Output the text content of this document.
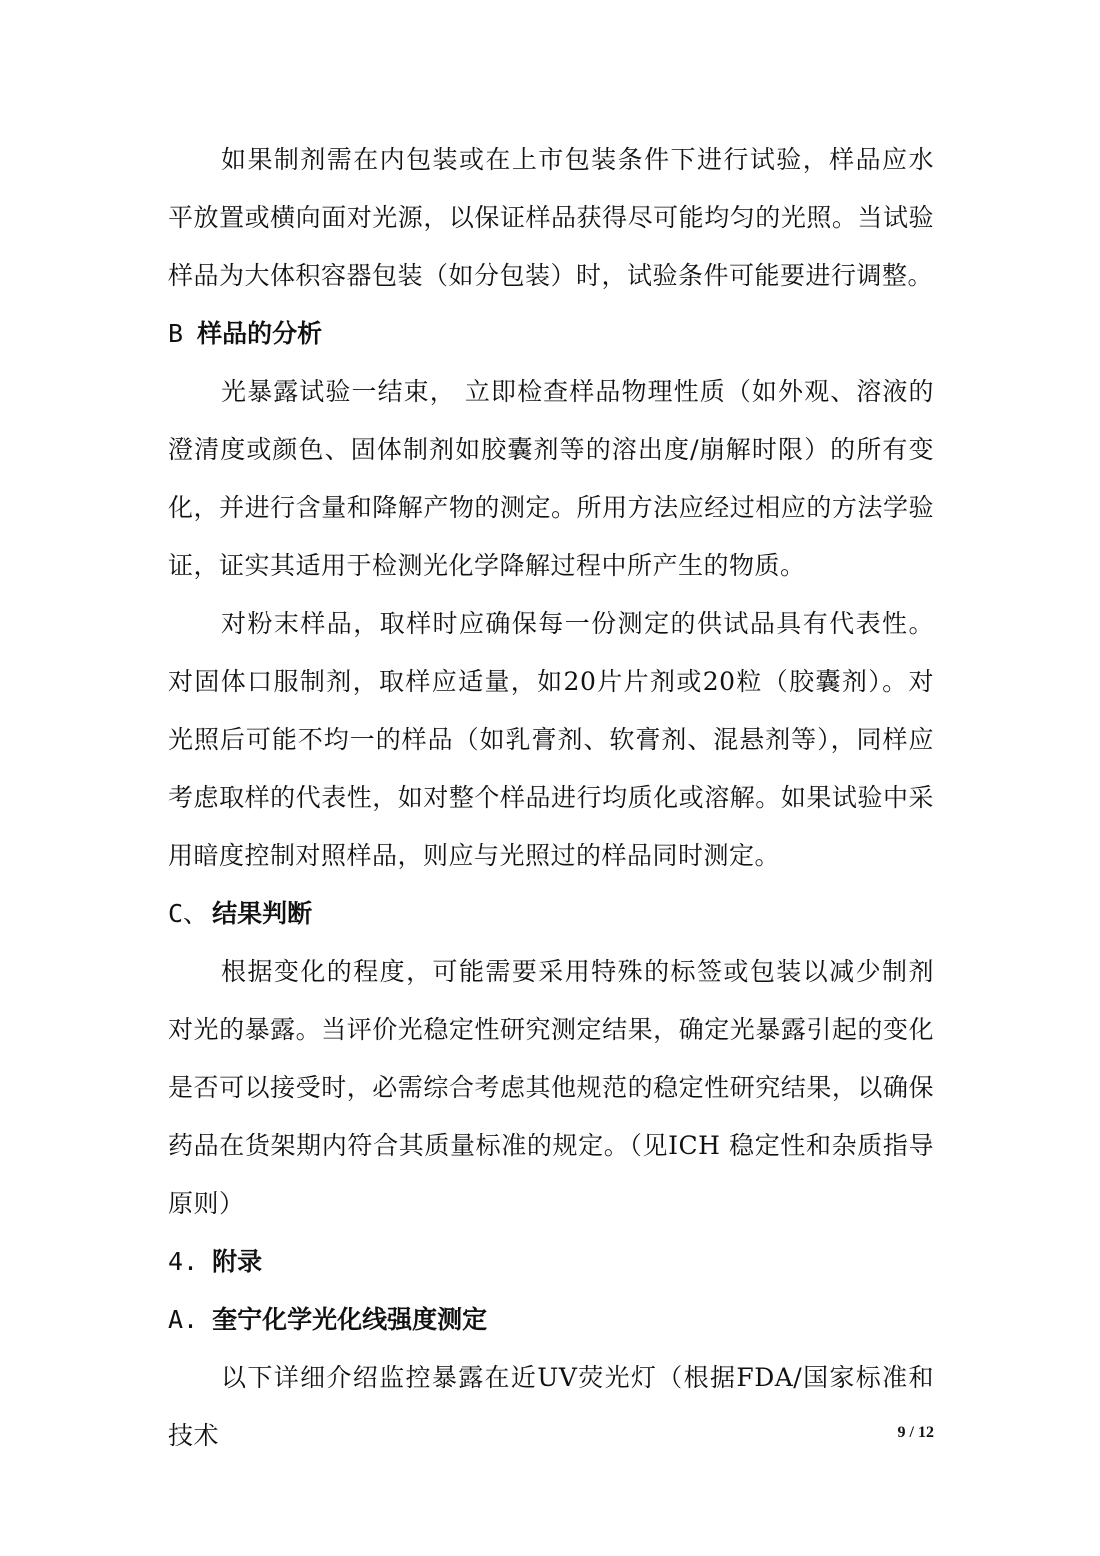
如果制剂需在内包装或在上市包装条件下进行试验，样品应水平放置或横向面对光源，以保证样品获得尽可能均匀的光照。当试验样品为大体积容器包装（如分包装）时，试验条件可能要进行调整。

B 样品的分析

光暴露试验一结束， 立即检查样品物理性质（如外观、溶液的澄清度或颜色、固体制剂如胶囊剂等的溶出度/崩解时限）的所有变化，并进行含量和降解产物的测定。所用方法应经过相应的方法学验证，证实其适用于检测光化学降解过程中所产生的物质。

对粉末样品，取样时应确保每一份测定的供试品具有代表性。对固体口服制剂，取样应适量，如20片片剂或20粒（胶囊剂）。对光照后可能不均一的样品（如乳膏剂、软膏剂、混悬剂等），同样应考虑取样的代表性，如对整个样品进行均质化或溶解。如果试验中采用暗度控制对照样品，则应与光照过的样品同时测定。

C、 结果判断

根据变化的程度，可能需要采用特殊的标签或包装以减少制剂对光的暴露。当评价光稳定性研究测定结果，确定光暴露引起的变化是否可以接受时，必需综合考虑其他规范的稳定性研究结果，以确保药品在货架期内符合其质量标准的规定。（见ICH 稳定性和杂质指导原则）

4. 附录
A. 奎宁化学光化线强度测定

以下详细介绍监控暴露在近UV荧光灯（根据FDA/国家标准和技术	9 / 12
